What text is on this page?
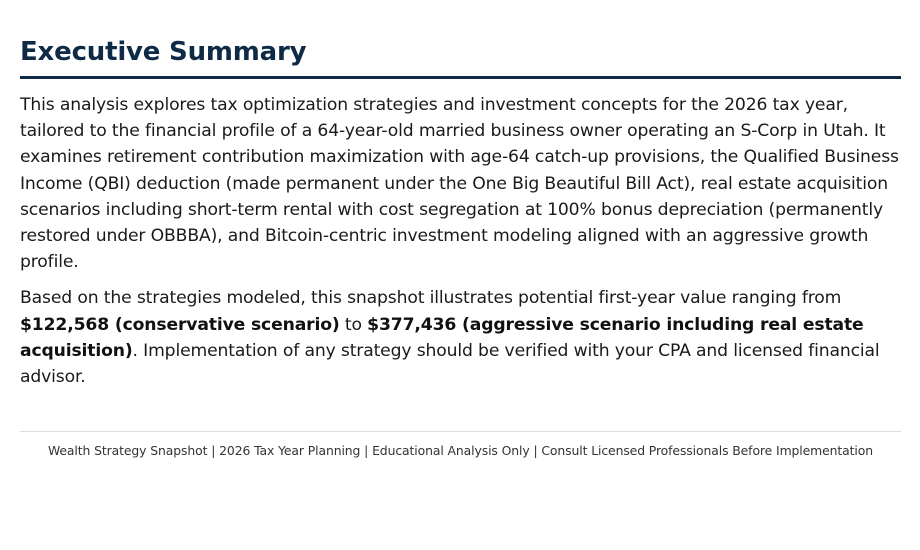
Executive Summary

This analysis explores tax optimization strategies and investment concepts for the 2026 tax year, tailored to the financial profile of a 64-year-old married business owner operating an S-Corp in Utah. It examines retirement contribution maximization with age-64 catch-up provisions, the Qualified Business Income (QBI) deduction (made permanent under the One Big Beautiful Bill Act), real estate acquisition scenarios including short-term rental with cost segregation at 100% bonus depreciation (permanently restored under OBBBA), and Bitcoin-centric investment modeling aligned with an aggressive growth profile.

Based on the strategies modeled, this snapshot illustrates potential first-year value ranging from $122,568 (conservative scenario) to $377,436 (aggressive scenario including real estate acquisition). Implementation of any strategy should be verified with your CPA and licensed financial advisor.

Wealth Strategy Snapshot | 2026 Tax Year Planning | Educational Analysis Only | Consult Licensed Professionals Before Implementation
